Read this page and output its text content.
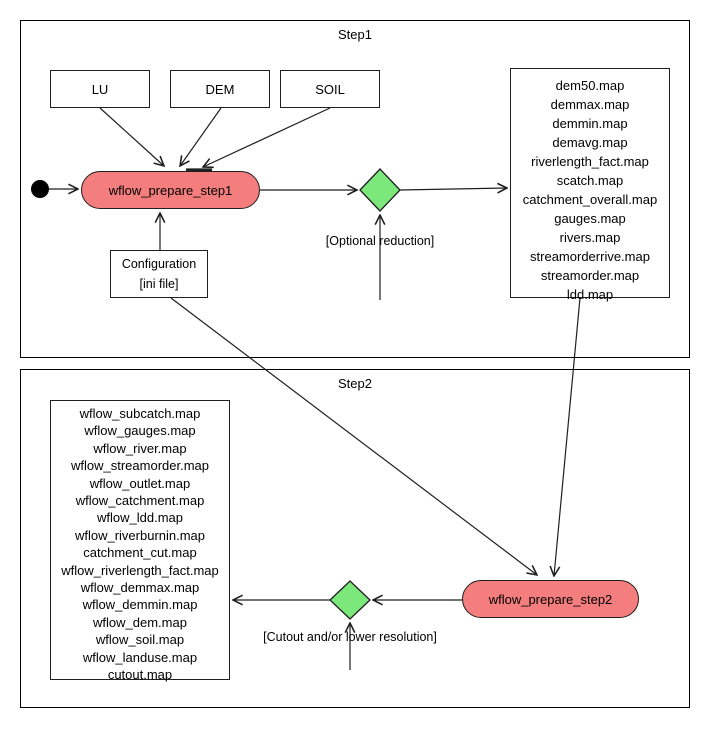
Step1
Step2
LU	DEM	SOIL
wflow_prepare_step1
[Optional reduction]
Configuration
[ini file]
dem50.map
demmax.map
demmin.map
demavg.map
riverlength_fact.map
scatch.map
catchment_overall.map
gauges.map
rivers.map
streamorderrive.map
streamorder.map
ldd.map
wflow_subcatch.map
wflow_gauges.map
wflow_river.map
wflow_streamorder.map
wflow_outlet.map
wflow_catchment.map
wflow_ldd.map
wflow_riverburnin.map
catchment_cut.map
wflow_riverlength_fact.map
wflow_demmax.map
wflow_demmin.map
wflow_dem.map
wflow_soil.map
wflow_landuse.map
cutout.map
wflow_prepare_step2
[Cutout and/or lower resolution]
